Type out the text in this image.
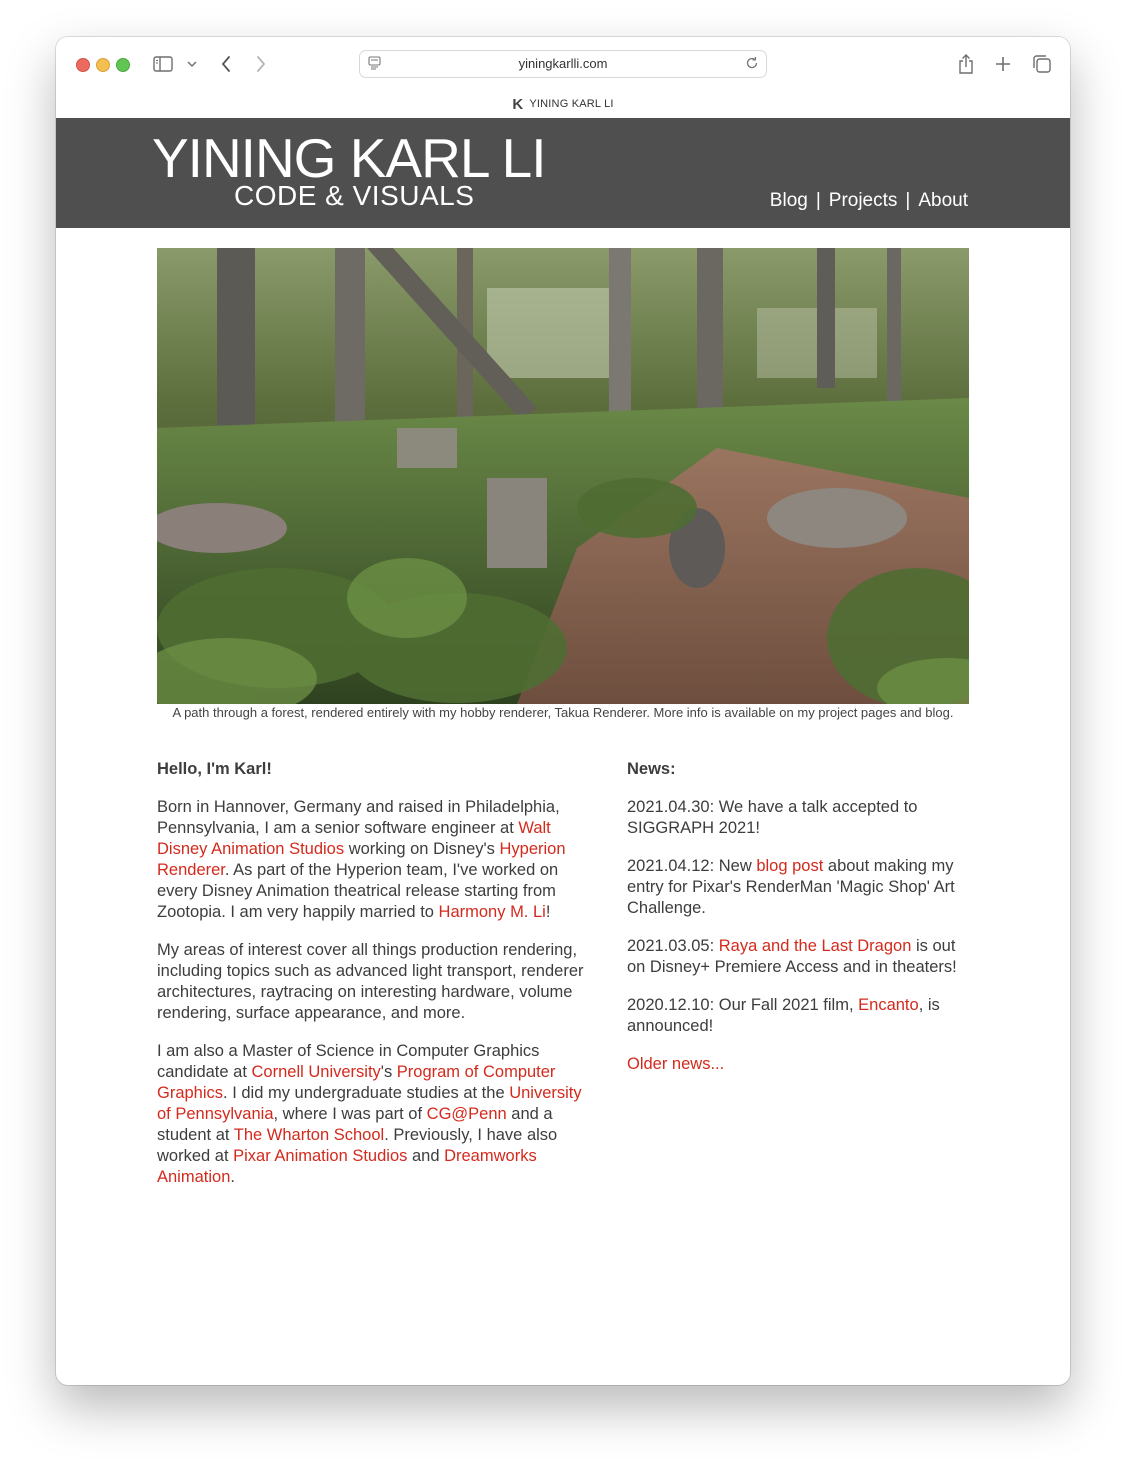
yiningkarlli.com
K YINING KARL LI
YINING KARL LI
CODE & VISUALS	Blog | Projects | About
A path through a forest, rendered entirely with my hobby renderer, Takua Renderer. More info is available on my project pages and blog.
Hello, I'm Karl!

Born in Hannover, Germany and raised in Philadelphia, Pennsylvania, I am a senior software engineer at Walt Disney Animation Studios working on Disney's Hyperion Renderer. As part of the Hyperion team, I've worked on every Disney Animation theatrical release starting from Zootopia. I am very happily married to Harmony M. Li!

My areas of interest cover all things production rendering, including topics such as advanced light transport, renderer architectures, raytracing on interesting hardware, volume rendering, surface appearance, and more.

I am also a Master of Science in Computer Graphics candidate at Cornell University's Program of Computer Graphics. I did my undergraduate studies at the University of Pennsylvania, where I was part of CG@Penn and a student at The Wharton School. Previously, I have also worked at Pixar Animation Studios and Dreamworks Animation.

News:

2021.04.30: We have a talk accepted to SIGGRAPH 2021!

2021.04.12: New blog post about making my entry for Pixar's RenderMan 'Magic Shop' Art Challenge.

2021.03.05: Raya and the Last Dragon is out on Disney+ Premiere Access and in theaters!

2020.12.10: Our Fall 2021 film, Encanto, is announced!

Older news...
